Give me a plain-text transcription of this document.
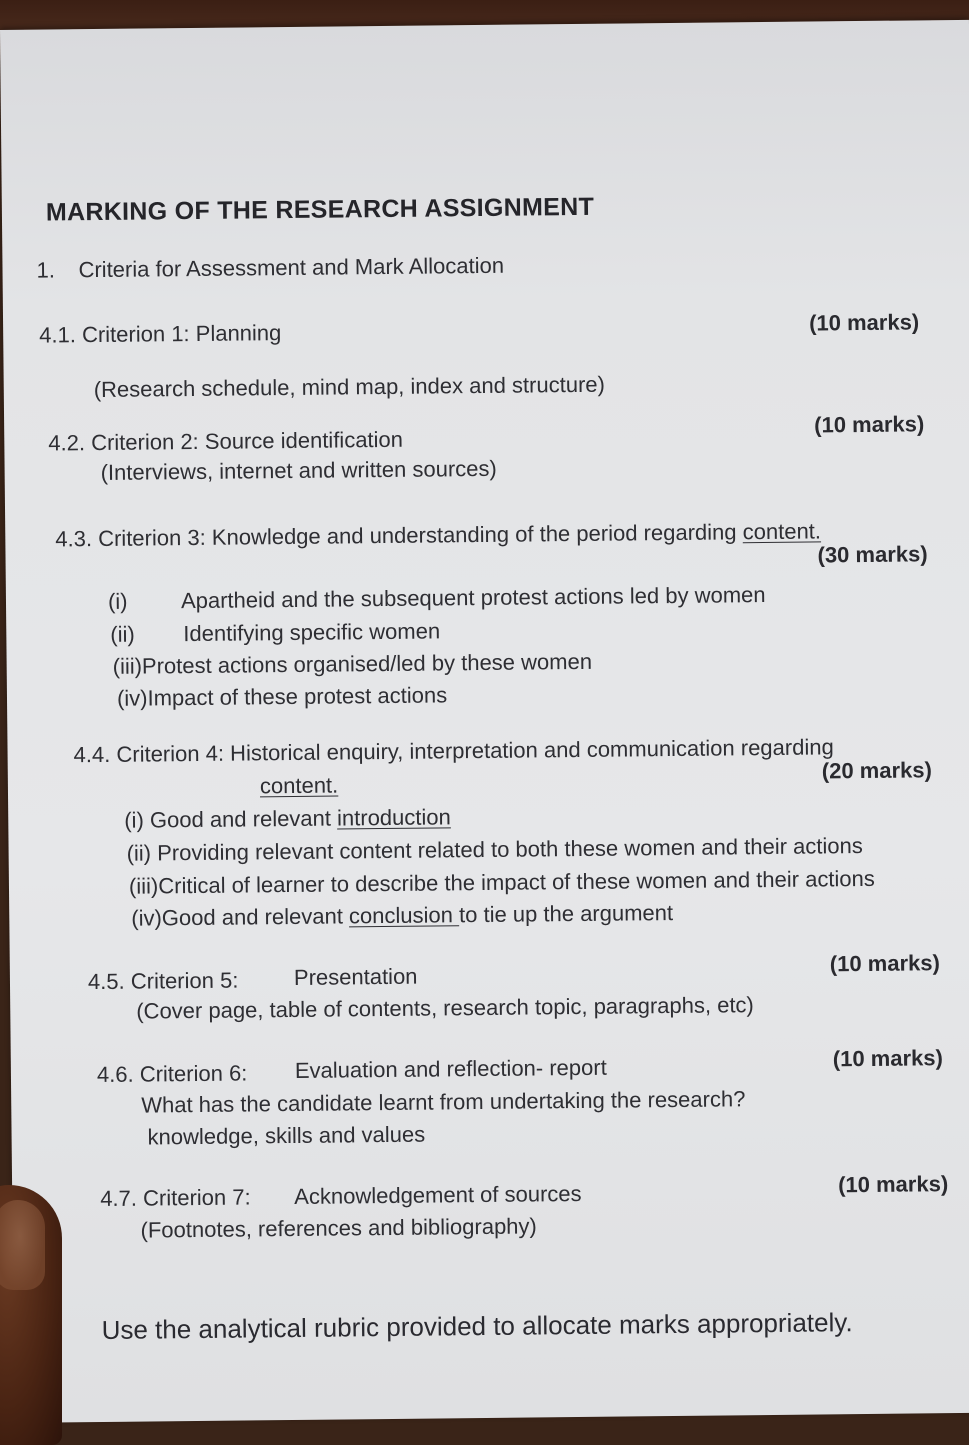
MARKING OF THE RESEARCH ASSIGNMENT
1. Criteria for Assessment and Mark Allocation
4.1. Criterion 1: Planning	(10 marks)
(Research schedule, mind map, index and structure)
4.2. Criterion 2: Source identification
(10 marks)
(Interviews, internet and written sources)
4.3. Criterion 3: Knowledge and understanding of the period regarding content.
(30 marks)
(i) Apartheid and the subsequent protest actions led by women
(ii) Identifying specific women
(iii)Protest actions organised/led by these women
(iv)Impact of these protest actions
4.4. Criterion 4: Historical enquiry, interpretation and communication regarding
content.
(20 marks)
(i) Good and relevant introduction
(ii) Providing relevant content related to both these women and their actions
(iii)Critical of learner to describe the impact of these women and their actions
(iv)Good and relevant conclusion to tie up the argument
4.5. Criterion 5:	Presentation
(10 marks)
(Cover page, table of contents, research topic, paragraphs, etc)
4.6. Criterion 6: Evaluation and reflection- report	(10 marks)
What has the candidate learnt from undertaking the research?
knowledge, skills and values
4.7. Criterion 7: Acknowledgement of sources	(10 marks)
(Footnotes, references and bibliography)
Use the analytical rubric provided to allocate marks appropriately.
